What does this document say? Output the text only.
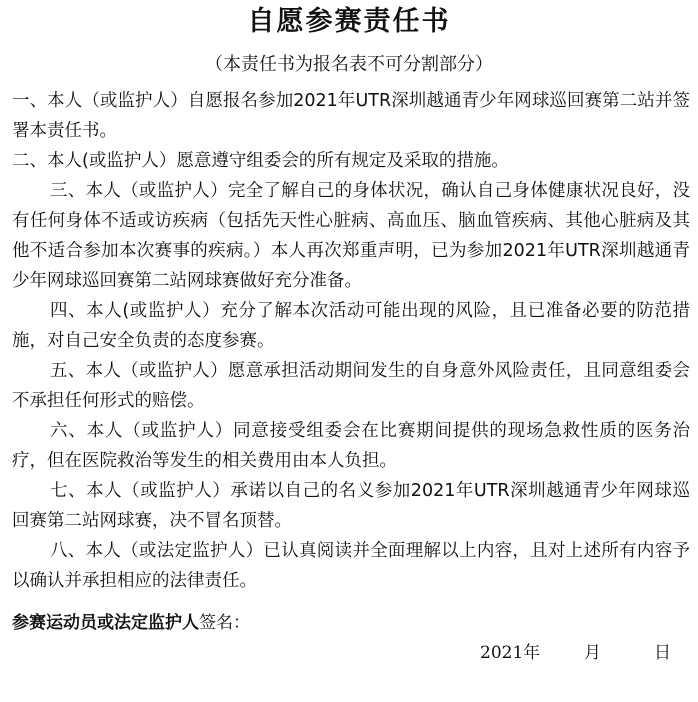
自愿参赛责任书
（本责任书为报名表不可分割部分）

一、本人（或监护人）自愿报名参加2021年UTR深圳越通青少年网球巡回赛第二站并签署本责任书。

二、本人(或监护人）愿意遵守组委会的所有规定及采取的措施。

三、本人（或监护人）完全了解自己的身体状况，确认自己身体健康状况良好，没有任何身体不适或访疾病（包括先天性心脏病、高血压、脑血管疾病、其他心脏病及其他不适合参加本次赛事的疾病。）本人再次郑重声明，已为参加2021年UTR深圳越通青少年网球巡回赛第二站网球赛做好充分准备。

四、本人(或监护人）充分了解本次活动可能出现的风险，且已准备必要的防范措施，对自己安全负责的态度参赛。

五、本人（或监护人）愿意承担活动期间发生的自身意外风险责任，且同意组委会不承担任何形式的赔偿。

六、本人（或监护人）同意接受组委会在比赛期间提供的现场急救性质的医务治疗，但在医院救治等发生的相关费用由本人负担。

七、本人（或监护人）承诺以自己的名义参加2021年UTR深圳越通青少年网球巡回赛第二站网球赛，决不冒名顶替。

八、本人（或法定监护人）已认真阅读并全面理解以上内容，且对上述所有内容予以确认并承担相应的法律责任。

参赛运动员或法定监护人签名：
2021年	月	日
